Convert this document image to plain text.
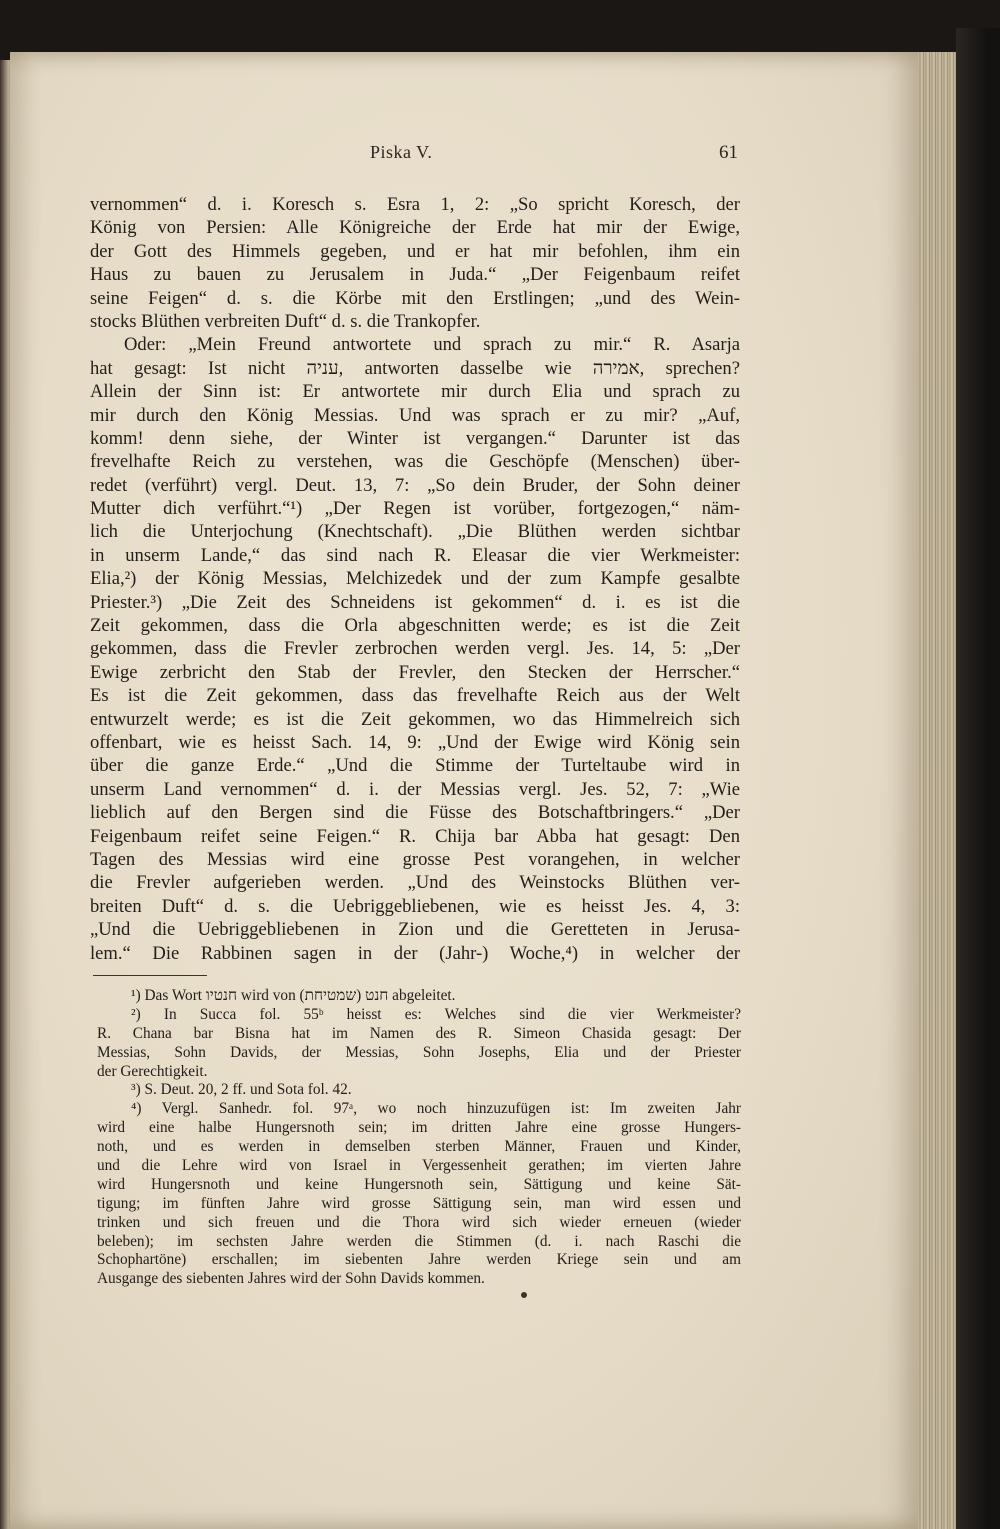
Piska V.	61
vernommen“ d. i. Koresch s. Esra 1, 2: „So spricht Koresch, der
König von Persien: Alle Königreiche der Erde hat mir der Ewige,
der Gott des Himmels gegeben, und er hat mir befohlen, ihm ein
Haus zu bauen zu Jerusalem in Juda.“ „Der Feigenbaum reifet
seine Feigen“ d. s. die Körbe mit den Erstlingen; „und des Wein-
stocks Blüthen verbreiten Duft“ d. s. die Trankopfer.
Oder: „Mein Freund antwortete und sprach zu mir.“ R. Asarja
hat gesagt: Ist nicht עניה, antworten dasselbe wie אמירה, sprechen?
Allein der Sinn ist: Er antwortete mir durch Elia und sprach zu
mir durch den König Messias. Und was sprach er zu mir? „Auf,
komm! denn siehe, der Winter ist vergangen.“ Darunter ist das
frevelhafte Reich zu verstehen, was die Geschöpfe (Menschen) über-
redet (verführt) vergl. Deut. 13, 7: „So dein Bruder, der Sohn deiner
Mutter dich verführt.“¹) „Der Regen ist vorüber, fortgezogen,“ näm-
lich die Unterjochung (Knechtschaft). „Die Blüthen werden sichtbar
in unserm Lande,“ das sind nach R. Eleasar die vier Werkmeister:
Elia,²) der König Messias, Melchizedek und der zum Kampfe gesalbte
Priester.³) „Die Zeit des Schneidens ist gekommen“ d. i. es ist die
Zeit gekommen, dass die Orla abgeschnitten werde; es ist die Zeit
gekommen, dass die Frevler zerbrochen werden vergl. Jes. 14, 5: „Der
Ewige zerbricht den Stab der Frevler, den Stecken der Herrscher.“
Es ist die Zeit gekommen, dass das frevelhafte Reich aus der Welt
entwurzelt werde; es ist die Zeit gekommen, wo das Himmelreich sich
offenbart, wie es heisst Sach. 14, 9: „Und der Ewige wird König sein
über die ganze Erde.“ „Und die Stimme der Turteltaube wird in
unserm Land vernommen“ d. i. der Messias vergl. Jes. 52, 7: „Wie
lieblich auf den Bergen sind die Füsse des Botschaftbringers.“ „Der
Feigenbaum reifet seine Feigen.“ R. Chija bar Abba hat gesagt: Den
Tagen des Messias wird eine grosse Pest vorangehen, in welcher
die Frevler aufgerieben werden. „Und des Weinstocks Blüthen ver-
breiten Duft“ d. s. die Uebriggebliebenen, wie es heisst Jes. 4, 3:
„Und die Uebriggebliebenen in Zion und die Geretteten in Jerusa-
lem.“ Die Rabbinen sagen in der (Jahr-) Woche,⁴) in welcher der
¹) Das Wort חנטיו wird von חנט (שמטיחת) abgeleitet.
²) In Succa fol. 55ᵇ heisst es: Welches sind die vier Werkmeister?
R. Chana bar Bisna hat im Namen des R. Simeon Chasida gesagt: Der
Messias, Sohn Davids, der Messias, Sohn Josephs, Elia und der Priester
der Gerechtigkeit.
³) S. Deut. 20, 2 ff. und Sota fol. 42.
⁴) Vergl. Sanhedr. fol. 97ᵃ, wo noch hinzuzufügen ist: Im zweiten Jahr
wird eine halbe Hungersnoth sein; im dritten Jahre eine grosse Hungers-
noth, und es werden in demselben sterben Männer, Frauen und Kinder,
und die Lehre wird von Israel in Vergessenheit gerathen; im vierten Jahre
wird Hungersnoth und keine Hungersnoth sein, Sättigung und keine Sät-
tigung; im fünften Jahre wird grosse Sättigung sein, man wird essen und
trinken und sich freuen und die Thora wird sich wieder erneuen (wieder
beleben); im sechsten Jahre werden die Stimmen (d. i. nach Raschi die
Schophartöne) erschallen; im siebenten Jahre werden Kriege sein und am
Ausgange des siebenten Jahres wird der Sohn Davids kommen.
